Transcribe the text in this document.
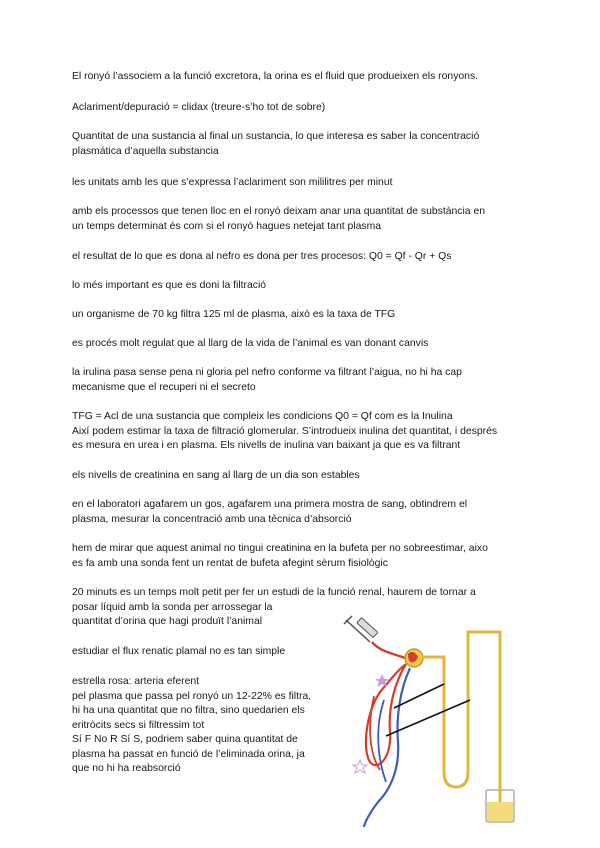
El ronyó l’associem a la funció excretora, la orina es el fluid que produeixen els ronyons.
Aclariment/depuració = clidax (treure-s’ho tot de sobre)
Quantitat de una sustancia al final un sustancia, lo que interesa es saber la concentració
plasmática d’aquella substancia
les unitats amb les que s’expressa l’aclariment son mililitres per minut
amb els processos que tenen lloc en el ronyó deixam anar una quantitat de substància en
un temps determinat és com si el ronyó hagues netejat tant plasma
el resultat de lo que es dona al nefro es dona per tres procesos: Q0 = Qf - Qr + Qs
lo més important es que es doni la filtració
un organisme de 70 kg filtra 125 ml de plasma, això es la taxa de TFG
es procés molt regulat que al llarg de la vida de l’animal es van donant canvis
la irulina pasa sense pena ni gloria pel nefro conforme va filtrant l’aigua, no hi ha cap
mecanisme que el recuperi ni el secreto
TFG = Acl de una sustancia que compleix les condicions Q0 = Qf com es la Inulina
Així podem estimar la taxa de filtració glomerular. S’introdueix inulina det quantitat, i després
es mesura en urea i en plasma. Els nivells de inulina van baixant ja que es va filtrant
els nivells de creatinina en sang al llarg de un dia son estables
en el laboratori agafarem un gos, agafarem una primera mostra de sang, obtindrem el
plasma, mesurar la concentració amb una tècnica d’absorció
hem de mirar que aquest animal no tingui creatinina en la bufeta per no sobreestimar, aixo
es fa amb una sonda fent un rentat de bufeta afegint sèrum fisiològic
20 minuts es un temps molt petit per fer un estudi de la funció renal, haurem de tornar a
posar líquid amb la sonda per arrossegar la
quantitat d’orina que hagi produït l’animal
estudiar el flux renatic plamal no es tan simple
estrella rosa: arteria eferent
pel plasma que passa pel ronyó un 12-22% es filtra,
hi ha una quantitat que no filtra, sino quedarien els
eritròcits secs si filtressim tot
Sí F No R Sí S, podriem saber quina quantitat de
plasma ha passat en funció de l’eliminada orina, ja
que no hi ha reabsorció
